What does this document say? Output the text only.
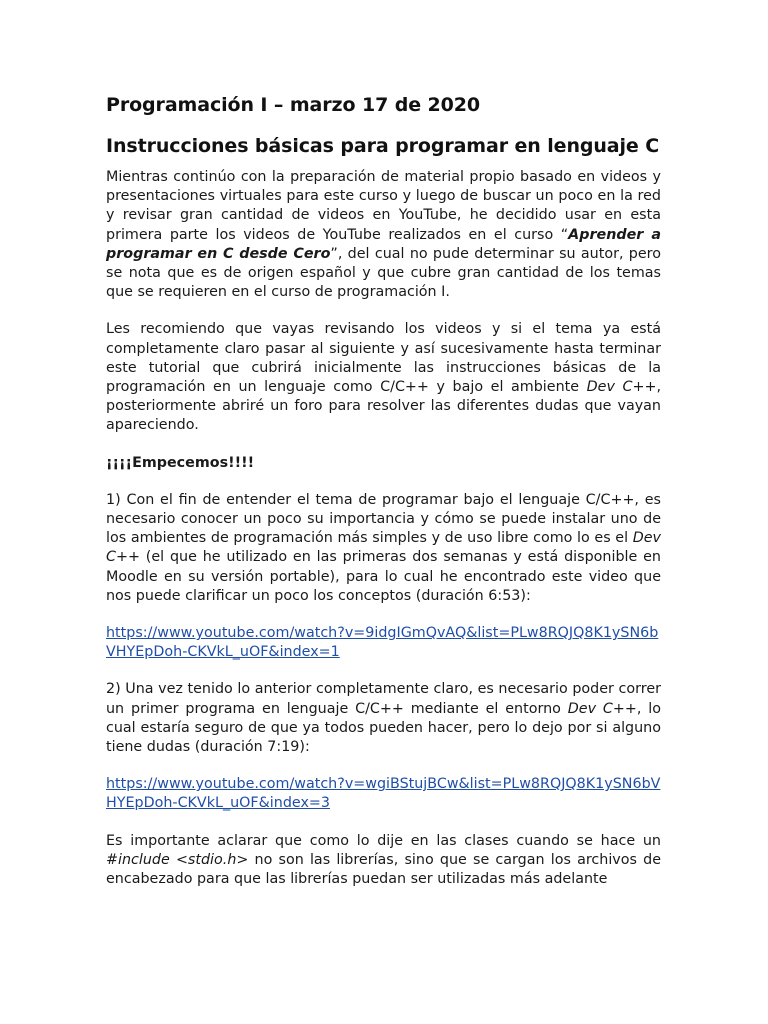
Programación I – marzo 17 de 2020
Instrucciones básicas para programar en lenguaje C

Mientras continúo con la preparación de material propio basado en videos y presentaciones virtuales para este curso y luego de buscar un poco en la red y revisar gran cantidad de videos en YouTube, he decidido usar en esta primera parte los videos de YouTube realizados en el curso “Aprender a programar en C desde Cero”, del cual no pude determinar su autor, pero se nota que es de origen español y que cubre gran cantidad de los temas que se requieren en el curso de programación I.

Les recomiendo que vayas revisando los videos y si el tema ya está completamente claro pasar al siguiente y así sucesivamente hasta terminar este tutorial que cubrirá inicialmente las instrucciones básicas de la programación en un lenguaje como C/C++ y bajo el ambiente Dev C++, posteriormente abriré un foro para resolver las diferentes dudas que vayan apareciendo.

¡¡¡¡Empecemos!!!!

1) Con el fin de entender el tema de programar bajo el lenguaje C/C++, es necesario conocer un poco su importancia y cómo se puede instalar uno de los ambientes de programación más simples y de uso libre como lo es el Dev C++ (el que he utilizado en las primeras dos semanas y está disponible en Moodle en su versión portable), para lo cual he encontrado este video que nos puede clarificar un poco los conceptos (duración 6:53):

https://www.youtube.com/watch?v=9idgIGmQvAQ&list=PLw8RQJQ8K1ySN6bVHYEpDoh-CKVkL_uOF&index=1

2) Una vez tenido lo anterior completamente claro, es necesario poder correr un primer programa en lenguaje C/C++ mediante el entorno Dev C++, lo cual estaría seguro de que ya todos pueden hacer, pero lo dejo por si alguno tiene dudas (duración 7:19):

https://www.youtube.com/watch?v=wgiBStujBCw&list=PLw8RQJQ8K1ySN6bVHYEpDoh-CKVkL_uOF&index=3

Es importante aclarar que como lo dije en las clases cuando se hace un #include <stdio.h> no son las librerías, sino que se cargan los archivos de encabezado para que las librerías puedan ser utilizadas más adelante
